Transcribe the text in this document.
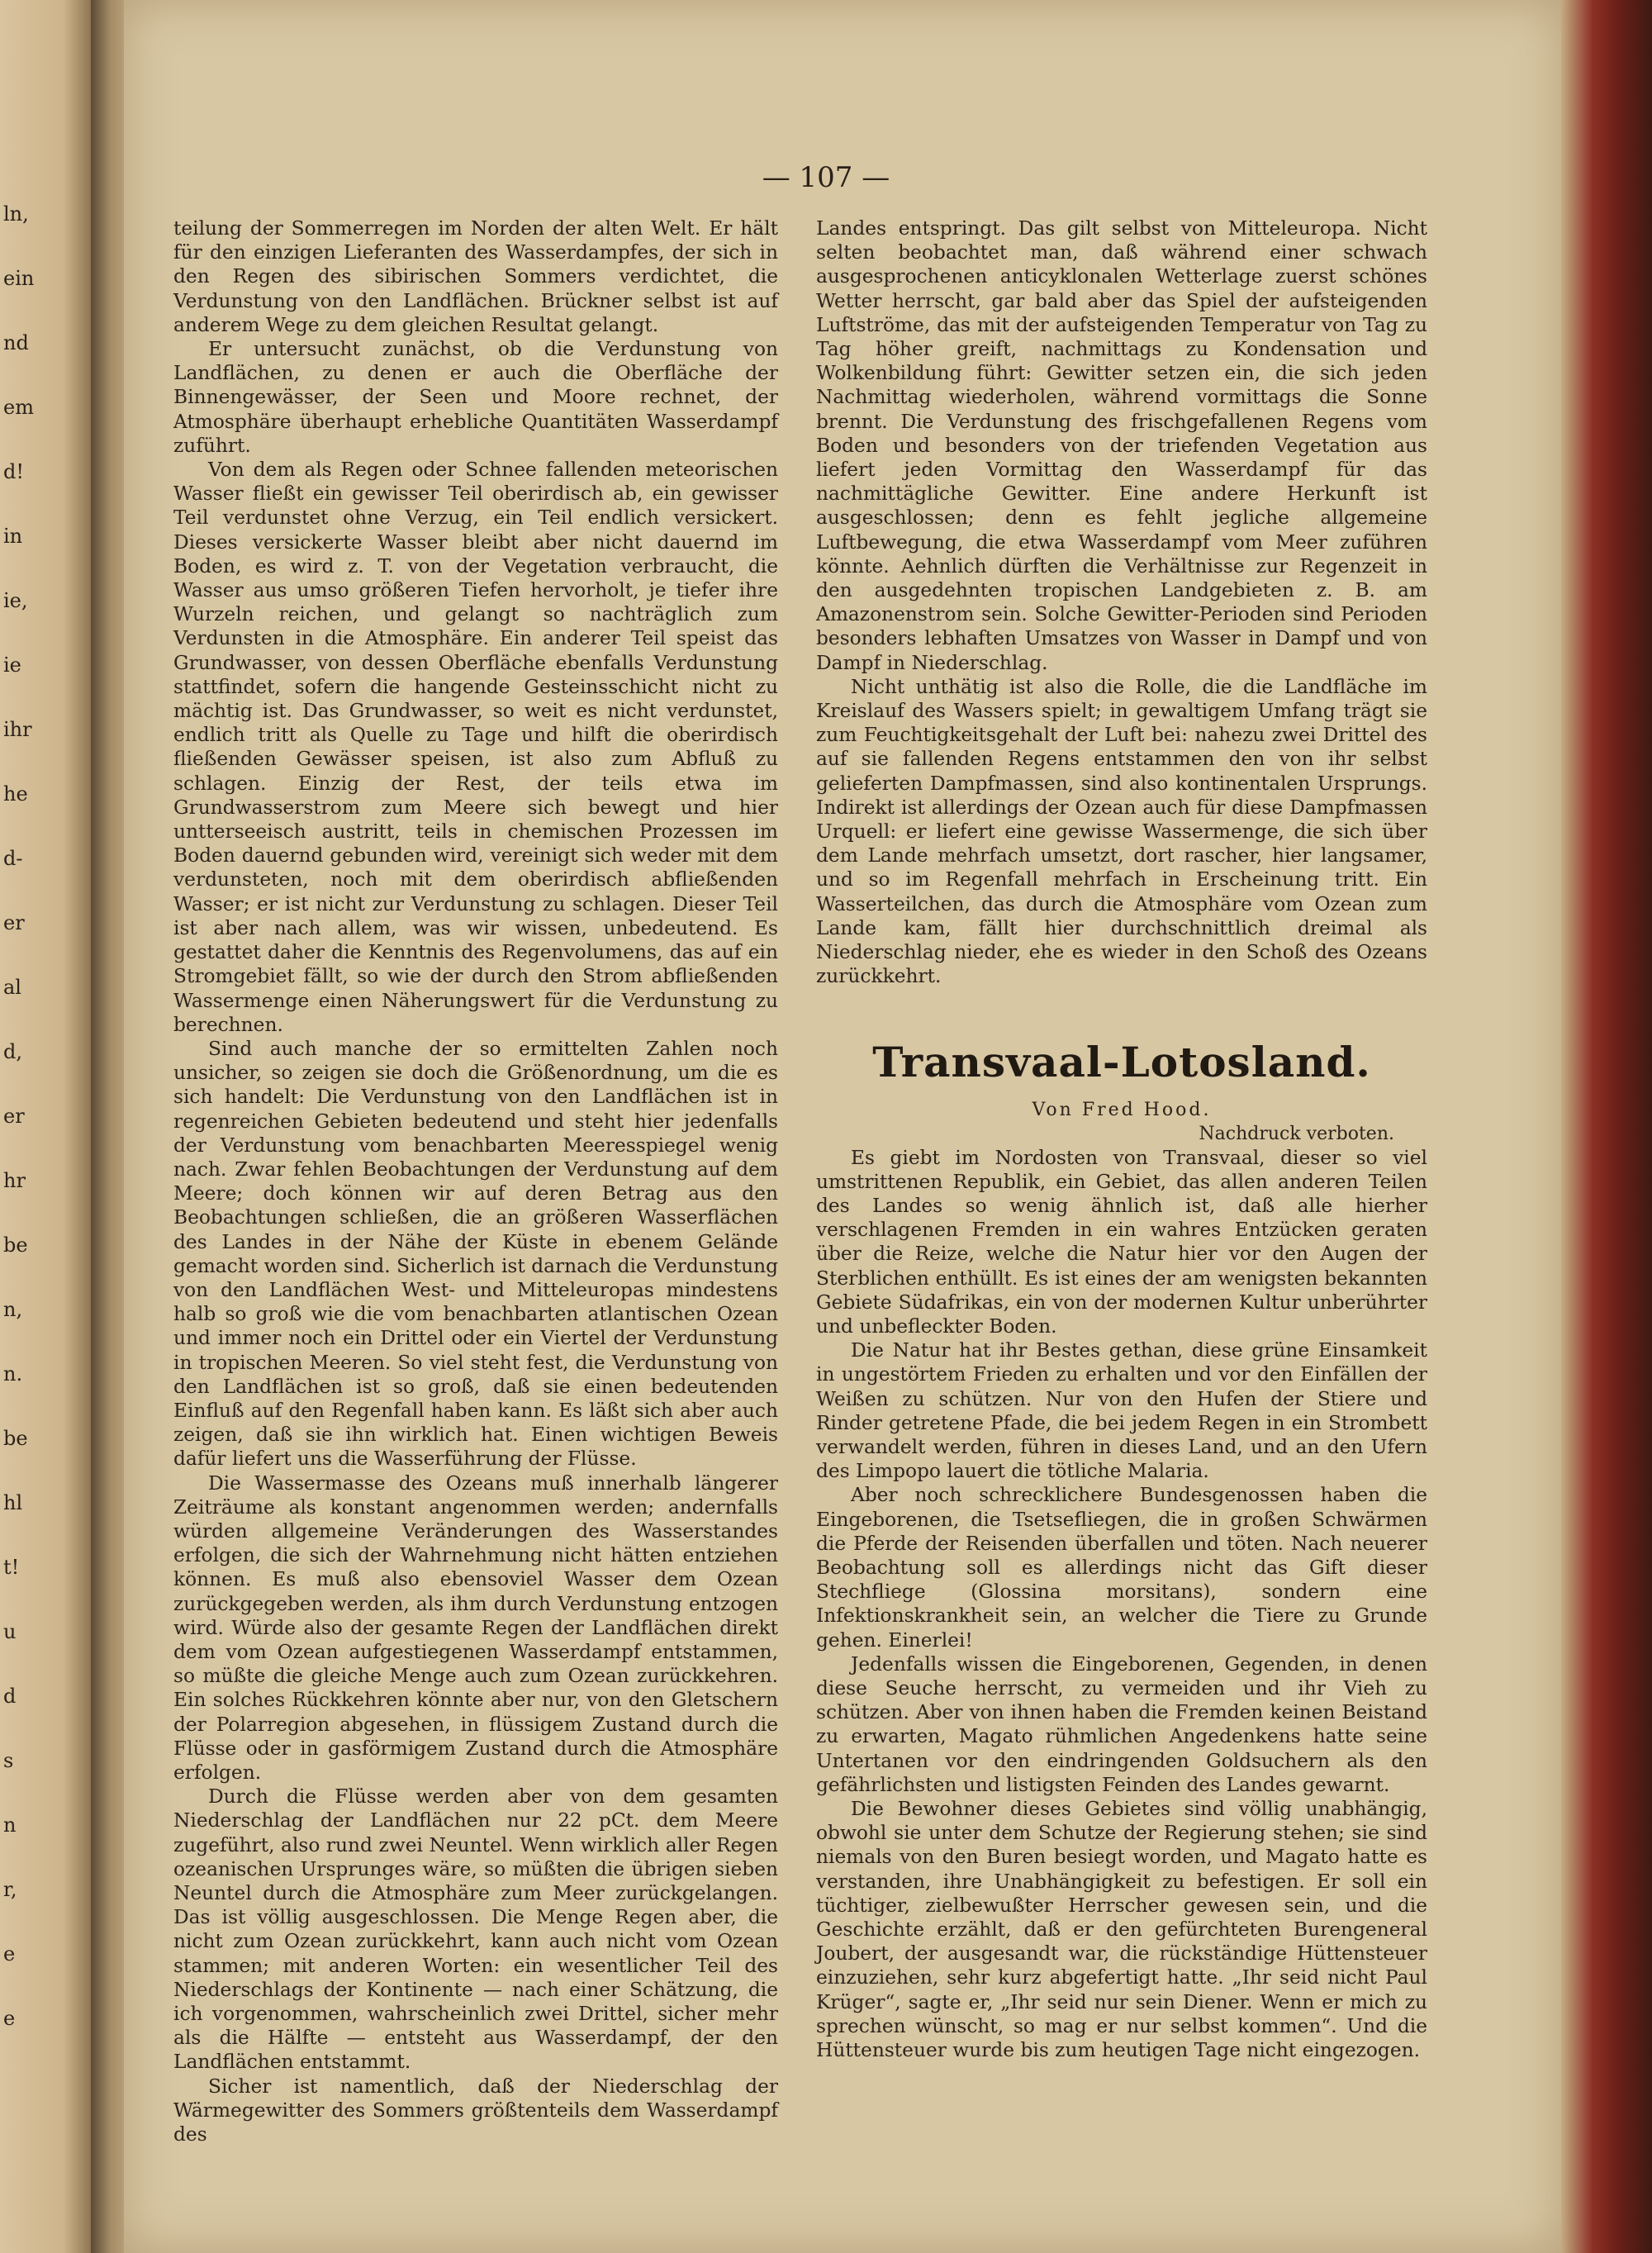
ln,
ein
nd
em
d!
in
ie,
ie
ihr
he
d-
er
al
d,
er
hr
be
n,
n.
be
hl
t!
u
d
s
n
r,
e
e
— 107 —

teilung der Sommerregen im Norden der alten Welt. Er hält für den einzigen Lieferanten des Wasserdampfes, der sich in den Regen des sibirischen Sommers verdichtet, die Verdunstung von den Landflächen. Brückner selbst ist auf anderem Wege zu dem gleichen Resultat gelangt.

Er untersucht zunächst, ob die Verdunstung von Landflächen, zu denen er auch die Oberfläche der Binnengewässer, der Seen und Moore rechnet, der Atmosphäre überhaupt erhebliche Quantitäten Wasserdampf zuführt.

Von dem als Regen oder Schnee fallenden meteorischen Wasser fließt ein gewisser Teil oberirdisch ab, ein gewisser Teil verdunstet ohne Verzug, ein Teil endlich versickert. Dieses versickerte Wasser bleibt aber nicht dauernd im Boden, es wird z. T. von der Vegetation verbraucht, die Wasser aus umso größeren Tiefen hervorholt, je tiefer ihre Wurzeln reichen, und gelangt so nachträglich zum Verdunsten in die Atmosphäre. Ein anderer Teil speist das Grundwasser, von dessen Oberfläche ebenfalls Verdunstung stattfindet, sofern die hangende Gesteinsschicht nicht zu mächtig ist. Das Grundwasser, so weit es nicht verdunstet, endlich tritt als Quelle zu Tage und hilft die oberirdisch fließenden Gewässer speisen, ist also zum Abfluß zu schlagen. Einzig der Rest, der teils etwa im Grundwasserstrom zum Meere sich bewegt und hier untterseeisch austritt, teils in chemischen Prozessen im Boden dauernd gebunden wird, vereinigt sich weder mit dem verdunsteten, noch mit dem oberirdisch abfließenden Wasser; er ist nicht zur Verdunstung zu schlagen. Dieser Teil ist aber nach allem, was wir wissen, unbedeutend. Es gestattet daher die Kenntnis des Regenvolumens, das auf ein Stromgebiet fällt, so wie der durch den Strom abfließenden Wassermenge einen Näherungswert für die Verdunstung zu berechnen.

Sind auch manche der so ermittelten Zahlen noch unsicher, so zeigen sie doch die Größenordnung, um die es sich handelt: Die Verdunstung von den Landflächen ist in regenreichen Gebieten bedeutend und steht hier jedenfalls der Verdunstung vom benachbarten Meeresspiegel wenig nach. Zwar fehlen Beobachtungen der Verdunstung auf dem Meere; doch können wir auf deren Betrag aus den Beobachtungen schließen, die an größeren Wasserflächen des Landes in der Nähe der Küste in ebenem Gelände gemacht worden sind. Sicherlich ist darnach die Verdunstung von den Landflächen West- und Mitteleuropas mindestens halb so groß wie die vom benachbarten atlantischen Ozean und immer noch ein Drittel oder ein Viertel der Verdunstung in tropischen Meeren. So viel steht fest, die Verdunstung von den Landflächen ist so groß, daß sie einen bedeutenden Einfluß auf den Regenfall haben kann. Es läßt sich aber auch zeigen, daß sie ihn wirklich hat. Einen wichtigen Beweis dafür liefert uns die Wasserführung der Flüsse.

Die Wassermasse des Ozeans muß innerhalb längerer Zeiträume als konstant angenommen werden; andernfalls würden allgemeine Veränderungen des Wasserstandes erfolgen, die sich der Wahrnehmung nicht hätten entziehen können. Es muß also ebensoviel Wasser dem Ozean zurückgegeben werden, als ihm durch Verdunstung entzogen wird. Würde also der gesamte Regen der Landflächen direkt dem vom Ozean aufgestiegenen Wasserdampf entstammen, so müßte die gleiche Menge auch zum Ozean zurückkehren. Ein solches Rückkehren könnte aber nur, von den Gletschern der Polarregion abgesehen, in flüssigem Zustand durch die Flüsse oder in gasförmigem Zustand durch die Atmosphäre erfolgen.

Durch die Flüsse werden aber von dem gesamten Niederschlag der Landflächen nur 22 pCt. dem Meere zugeführt, also rund zwei Neuntel. Wenn wirklich aller Regen ozeanischen Ursprunges wäre, so müßten die übrigen sieben Neuntel durch die Atmosphäre zum Meer zurückgelangen. Das ist völlig ausgeschlossen. Die Menge Regen aber, die nicht zum Ozean zurückkehrt, kann auch nicht vom Ozean stammen; mit anderen Worten: ein wesentlicher Teil des Niederschlags der Kontinente — nach einer Schätzung, die ich vorgenommen, wahrscheinlich zwei Drittel, sicher mehr als die Hälfte — entsteht aus Wasserdampf, der den Landflächen entstammt.

Sicher ist namentlich, daß der Niederschlag der Wärmegewitter des Sommers größtenteils dem Wasserdampf des

Landes entspringt. Das gilt selbst von Mitteleuropa. Nicht selten beobachtet man, daß während einer schwach ausgesprochenen anticyklonalen Wetterlage zuerst schönes Wetter herrscht, gar bald aber das Spiel der aufsteigenden Luftströme, das mit der aufsteigenden Temperatur von Tag zu Tag höher greift, nachmittags zu Kondensation und Wolkenbildung führt: Gewitter setzen ein, die sich jeden Nachmittag wiederholen, während vormittags die Sonne brennt. Die Verdunstung des frischgefallenen Regens vom Boden und besonders von der triefenden Vegetation aus liefert jeden Vormittag den Wasserdampf für das nachmittägliche Gewitter. Eine andere Herkunft ist ausgeschlossen; denn es fehlt jegliche allgemeine Luftbewegung, die etwa Wasserdampf vom Meer zuführen könnte. Aehnlich dürften die Verhältnisse zur Regenzeit in den ausgedehnten tropischen Landgebieten z. B. am Amazonenstrom sein. Solche Gewitter-Perioden sind Perioden besonders lebhaften Umsatzes von Wasser in Dampf und von Dampf in Niederschlag.

Nicht unthätig ist also die Rolle, die die Landfläche im Kreislauf des Wassers spielt; in gewaltigem Umfang trägt sie zum Feuchtigkeitsgehalt der Luft bei: nahezu zwei Drittel des auf sie fallenden Regens entstammen den von ihr selbst gelieferten Dampfmassen, sind also kontinentalen Ursprungs. Indirekt ist allerdings der Ozean auch für diese Dampfmassen Urquell: er liefert eine gewisse Wassermenge, die sich über dem Lande mehrfach umsetzt, dort rascher, hier langsamer, und so im Regenfall mehrfach in Erscheinung tritt. Ein Wasserteilchen, das durch die Atmosphäre vom Ozean zum Lande kam, fällt hier durchschnittlich dreimal als Niederschlag nieder, ehe es wieder in den Schoß des Ozeans zurückkehrt.

Transvaal-Lotosland.
Von Fred Hood.
Nachdruck verboten.

Es giebt im Nordosten von Transvaal, dieser so viel umstrittenen Republik, ein Gebiet, das allen anderen Teilen des Landes so wenig ähnlich ist, daß alle hierher verschlagenen Fremden in ein wahres Entzücken geraten über die Reize, welche die Natur hier vor den Augen der Sterblichen enthüllt. Es ist eines der am wenigsten bekannten Gebiete Südafrikas, ein von der modernen Kultur unberührter und unbefleckter Boden.

Die Natur hat ihr Bestes gethan, diese grüne Einsamkeit in ungestörtem Frieden zu erhalten und vor den Einfällen der Weißen zu schützen. Nur von den Hufen der Stiere und Rinder getretene Pfade, die bei jedem Regen in ein Strombett verwandelt werden, führen in dieses Land, und an den Ufern des Limpopo lauert die tötliche Malaria.

Aber noch schrecklichere Bundesgenossen haben die Eingeborenen, die Tsetsefliegen, die in großen Schwärmen die Pferde der Reisenden überfallen und töten. Nach neuerer Beobachtung soll es allerdings nicht das Gift dieser Stechfliege (Glossina morsitans), sondern eine Infektionskrankheit sein, an welcher die Tiere zu Grunde gehen. Einerlei!

Jedenfalls wissen die Eingeborenen, Gegenden, in denen diese Seuche herrscht, zu vermeiden und ihr Vieh zu schützen. Aber von ihnen haben die Fremden keinen Beistand zu erwarten, Magato rühmlichen Angedenkens hatte seine Untertanen vor den eindringenden Goldsuchern als den gefährlichsten und listigsten Feinden des Landes gewarnt.

Die Bewohner dieses Gebietes sind völlig unabhängig, obwohl sie unter dem Schutze der Regierung stehen; sie sind niemals von den Buren besiegt worden, und Magato hatte es verstanden, ihre Unabhängigkeit zu befestigen. Er soll ein tüchtiger, zielbewußter Herrscher gewesen sein, und die Geschichte erzählt, daß er den gefürchteten Burengeneral Joubert, der ausgesandt war, die rückständige Hüttensteuer einzuziehen, sehr kurz abgefertigt hatte. „Ihr seid nicht Paul Krüger“, sagte er, „Ihr seid nur sein Diener. Wenn er mich zu sprechen wünscht, so mag er nur selbst kommen“. Und die Hüttensteuer wurde bis zum heutigen Tage nicht eingezogen.
